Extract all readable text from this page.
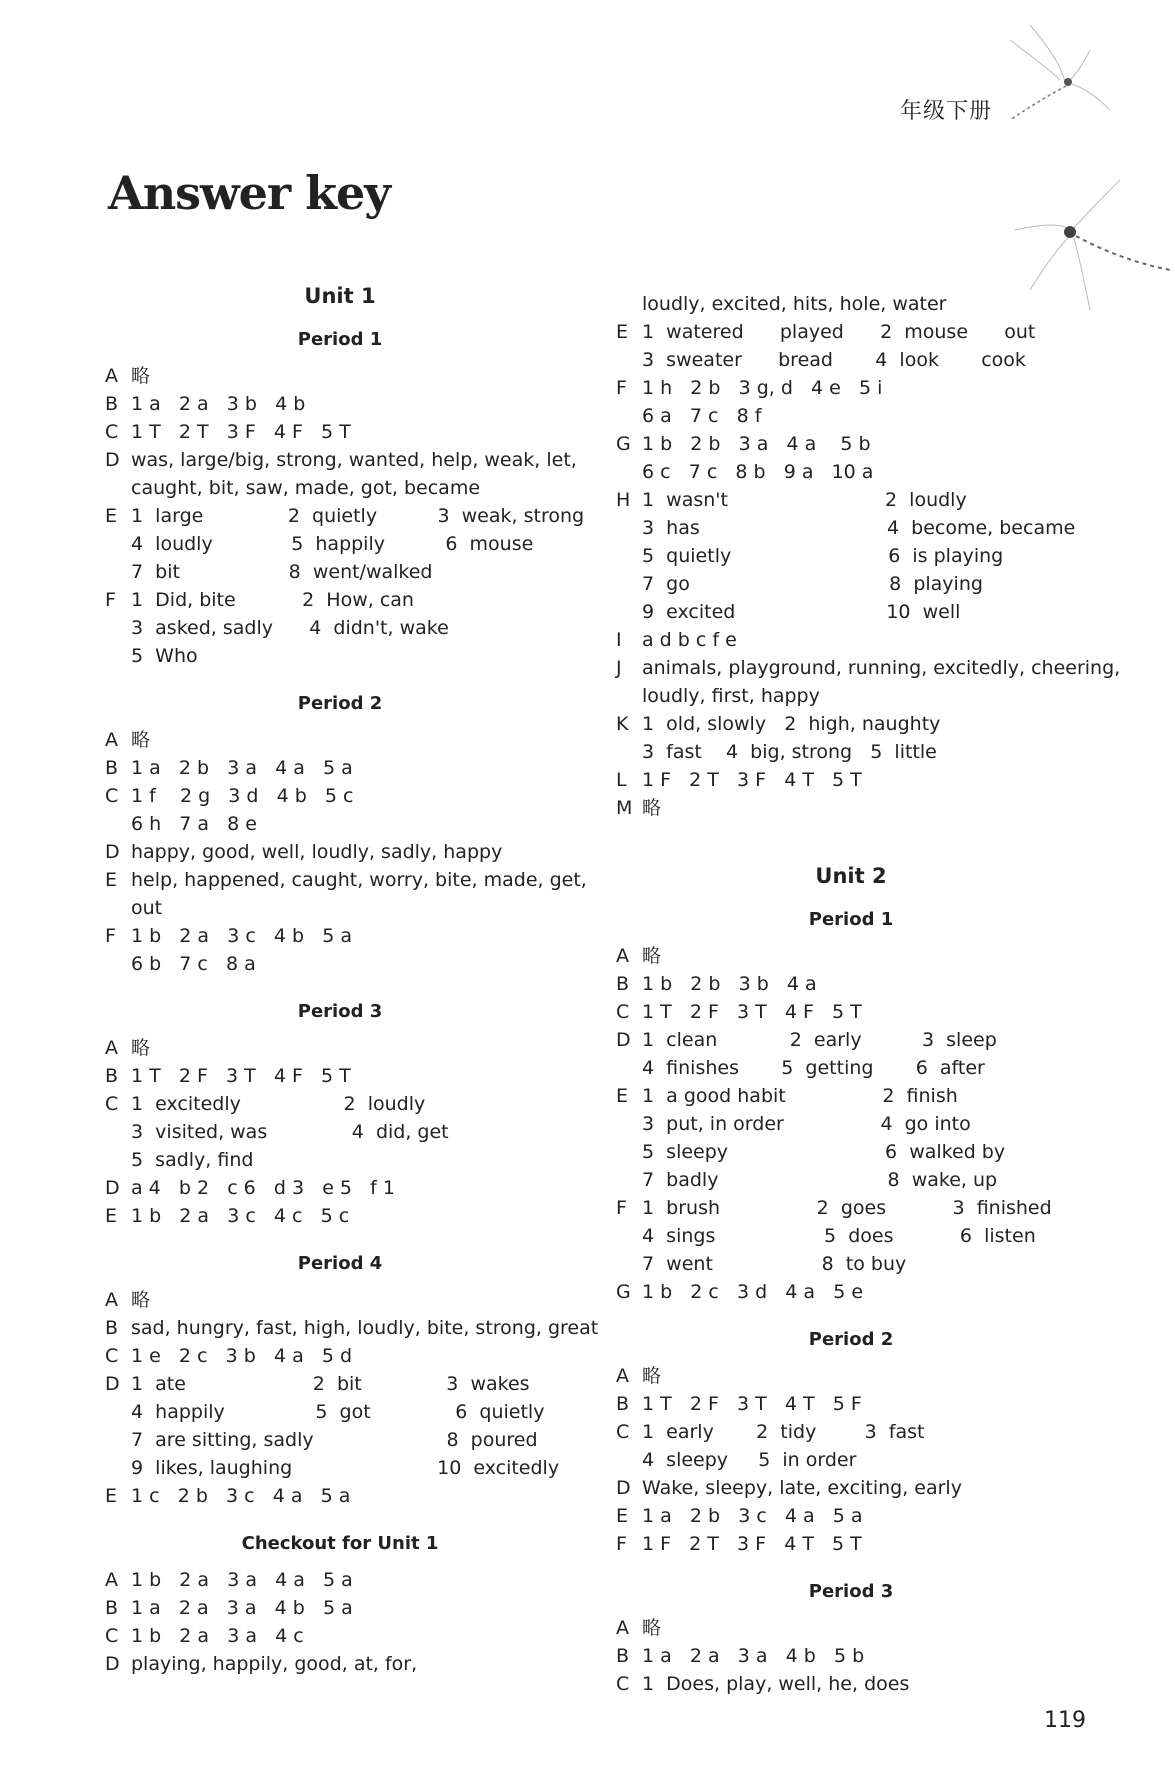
年级下册
Answer key
Unit 1
Period 1
A 略
B 1 a   2 a   3 b   4 b
C 1 T   2 T   3 F   4 F   5 T
D was, large/big, strong, wanted, help, weak, let,
caught, bit, saw, made, got, became
E 1  large              2  quietly          3  weak, strong
4  loudly             5  happily          6  mouse
7  bit                  8  went/walked
F 1  Did, bite           2  How, can
3  asked, sadly      4  didn't, wake
5  Who
Period 2
A 略
B 1 a   2 b   3 a   4 a   5 a
C 1 f    2 g   3 d   4 b   5 c
6 h   7 a   8 e
D happy, good, well, loudly, sadly, happy
E help, happened, caught, worry, bite, made, get,
out
F 1 b   2 a   3 c   4 b   5 a
6 b   7 c   8 a
Period 3
A 略
B 1 T   2 F   3 T   4 F   5 T
C 1  excitedly                 2  loudly
3  visited, was              4  did, get
5  sadly, find
D a 4   b 2   c 6   d 3   e 5   f 1
E 1 b   2 a   3 c   4 c   5 c
Period 4
A 略
B sad, hungry, fast, high, loudly, bite, strong, great
C 1 e   2 c   3 b   4 a   5 d
D 1  ate                     2  bit              3  wakes
4  happily               5  got              6  quietly
7  are sitting, sadly                      8  poured
9  likes, laughing                        10  excitedly
E 1 c   2 b   3 c   4 a   5 a
Checkout for Unit 1
A 1 b   2 a   3 a   4 a   5 a
B 1 a   2 a   3 a   4 b   5 a
C 1 b   2 a   3 a   4 c
D playing, happily, good, at, for,
loudly, excited, hits, hole, water
E 1  watered      played      2  mouse      out
3  sweater      bread       4  look       cook
F 1 h   2 b   3 g, d   4 e   5 i
6 a   7 c   8 f
G 1 b   2 b   3 a   4 a    5 b
6 c   7 c   8 b   9 a   10 a
H 1  wasn't                          2  loudly
3  has                               4  become, became
5  quietly                          6  is playing
7  go                                 8  playing
9  excited                         10  well
I	a d b c f e
J	animals, playground, running, excitedly, cheering,
loudly, first, happy
K 1  old, slowly   2  high, naughty
3  fast    4  big, strong   5  little
L 1 F   2 T   3 F   4 T   5 T
M 略
Unit 2
Period 1
A 略
B 1 b   2 b   3 b   4 a
C 1 T   2 F   3 T   4 F   5 T
D 1  clean            2  early          3  sleep
4  finishes       5  getting       6  after
E 1  a good habit                2  finish
3  put, in order                4  go into
5  sleepy                          6  walked by
7  badly                            8  wake, up
F 1  brush                2  goes           3  finished
4  sings                  5  does           6  listen
7  went                  8  to buy
G 1 b   2 c   3 d   4 a   5 e
Period 2
A 略
B 1 T   2 F   3 T   4 T   5 F
C 1  early       2  tidy        3  fast
4  sleepy     5  in order
D Wake, sleepy, late, exciting, early
E 1 a   2 b   3 c   4 a   5 a
F 1 F   2 T   3 F   4 T   5 T
Period 3
A 略
B 1 a   2 a   3 a   4 b   5 b
C 1  Does, play, well, he, does
119
